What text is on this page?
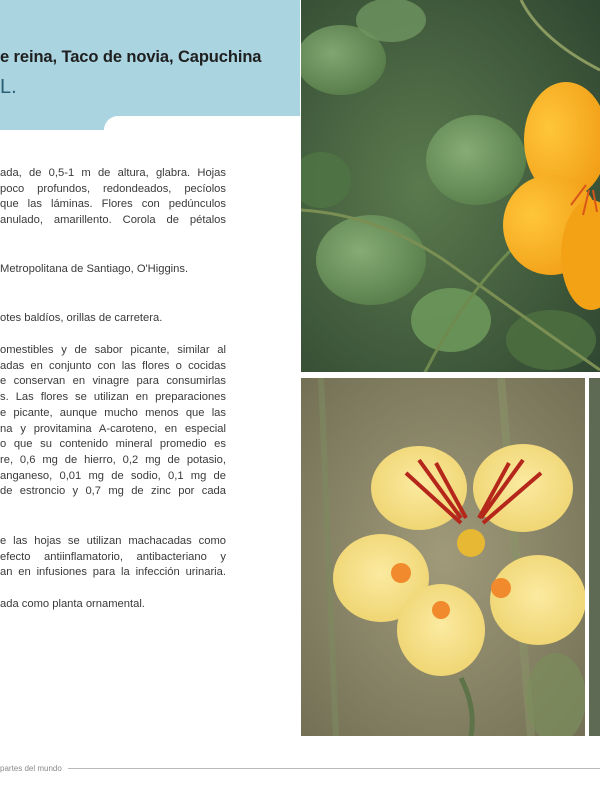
e reina, Taco de novia, Capuchina
L.

ada, de 0,5-1 m de altura, glabra. Hojas

poco profundos, redondeados, pecíolos

que las láminas. Flores con pedúnculos

anulado, amarillento. Corola de pétalos

Metropolitana de Santiago, O'Higgins.

otes baldíos, orillas de carretera.

omestibles y de sabor picante, similar al

adas en conjunto con las flores o cocidas

e conservan en vinagre para consumirlas

s. Las flores se utilizan en preparaciones

e picante, aunque mucho menos que las

na y provitamina A-caroteno, en especial

o que su contenido mineral promedio es

re, 0,6 mg de hierro, 0,2 mg de potasio,

anganeso, 0,01 mg de sodio, 0,1 mg de

de estroncio y 0,7 mg de zinc por cada

e las hojas se utilizan machacadas como

efecto antiinflamatorio, antibacteriano y

an en infusiones para la infección urinaria.

ada como planta ornamental.

partes del mundo
